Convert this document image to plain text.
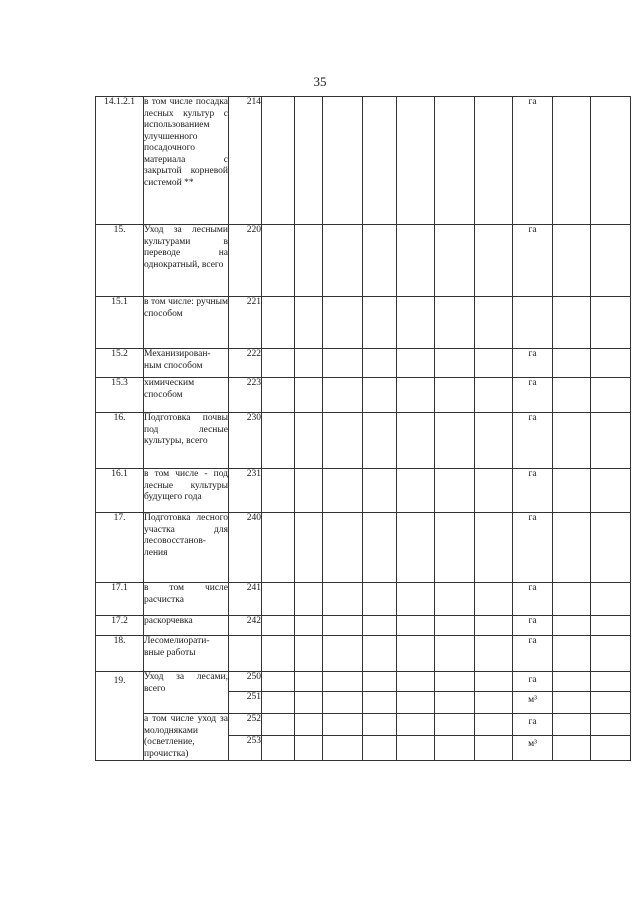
35
14.1.2.1	в том числе посадка лесных культур с использованием улучшенного посадочного материала с закрытой корневой системой **	214								га		
15.	Уход за лесными культурами в переводе на однократный, всего	220								га		
15.1	в том числе: ручным способом	221										
15.2	Механизирован-ным способом	222								га		
15.3	химическим способом	223								га		
16.	Подготовка почвы под лесные культуры, всего	230								га		
16.1	в том числе - под лесные культуры будущего года	231								га		
17.	Подготовка лесного участка для лесовосстанов-ления	240								га		
17.1	в том числе расчистка	241								га		
17.2	раскорчевка	242								га		
18.	Лесомелиорати-вные работы									га		
19.	Уход за лесами, всего	250								га		
		251								м³		
	а том числе уход за молодняками (осветление, прочистка)	252								га		
		253								м³		
